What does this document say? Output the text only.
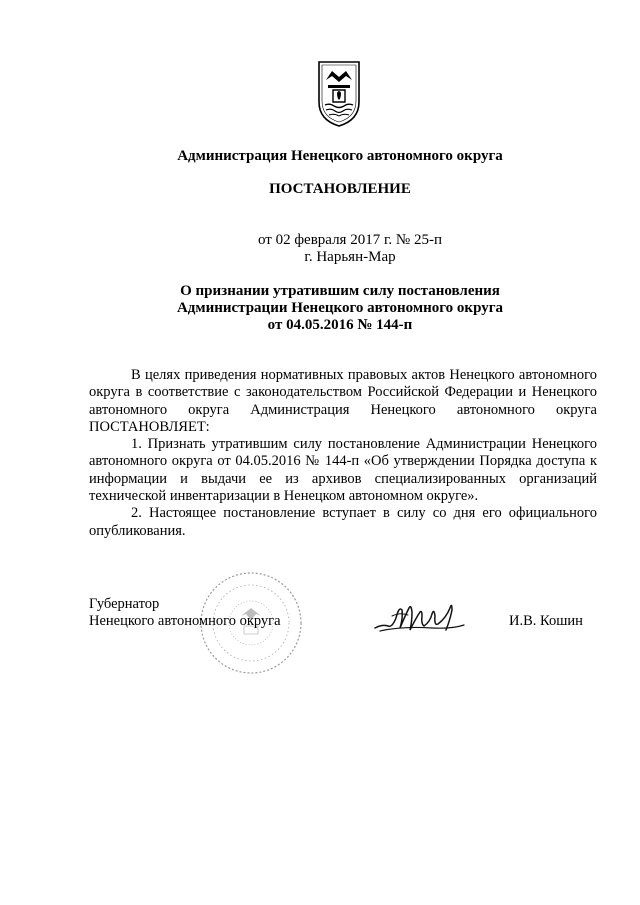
Администрация Ненецкого автономного округа
ПОСТАНОВЛЕНИЕ
от 02 февраля 2017 г. № 25-п
г. Нарьян-Мар
О признании утратившим силу постановления
Администрации Ненецкого автономного округа
от 04.05.2016 № 144-п

В целях приведения нормативных правовых актов Ненецкого автономного округа в соответствие с законодательством Российской Федерации и Ненецкого автономного округа Администрация Ненецкого автономного округа ПОСТАНОВЛЯЕТ:

1. Признать утратившим силу постановление Администрации Ненецкого автономного округа от 04.05.2016 № 144-п «Об утверждении Порядка доступа к информации и выдачи ее из архивов специализированных организаций технической инвентаризации в Ненецком автономном округе».

2. Настоящее постановление вступает в силу со дня его официального опубликования.

Губернатор
Ненецкого автономного округа	И.В. Кошин
